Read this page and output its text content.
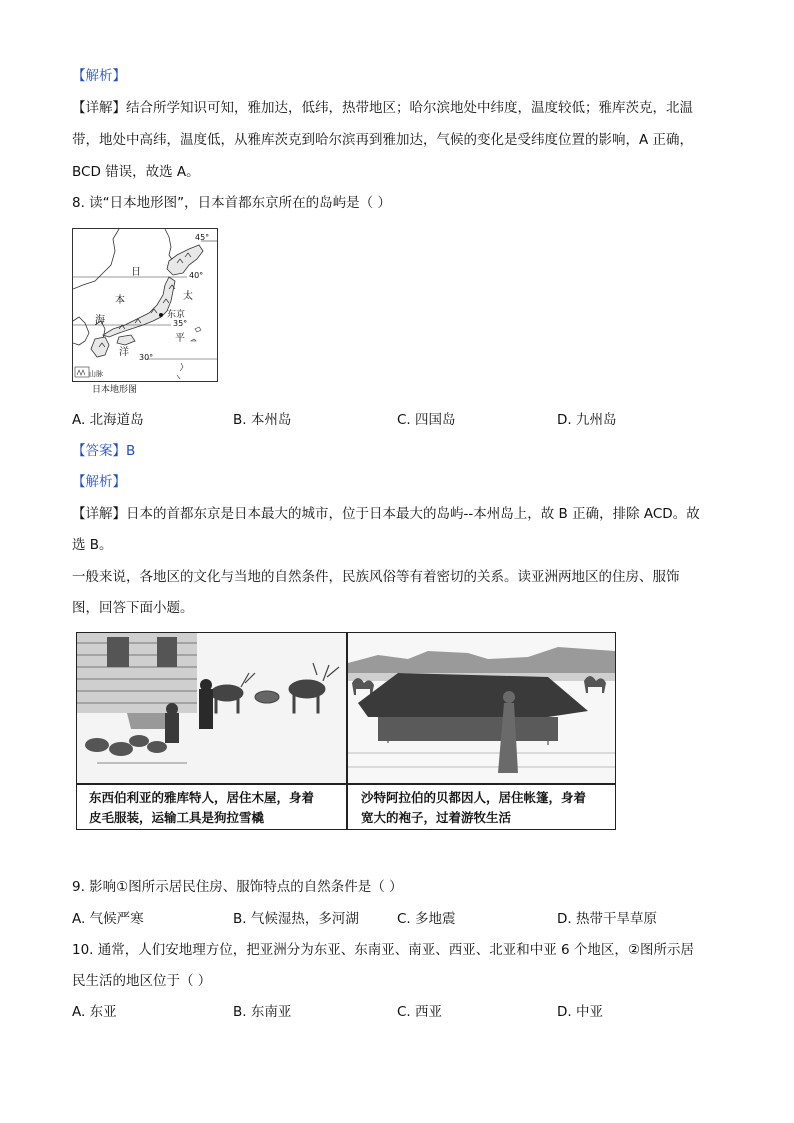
【解析】
【详解】结合所学知识可知，雅加达，低纬，热带地区；哈尔滨地处中纬度，温度较低；雅库茨克，北温
带，地处中高纬，温度低，从雅库茨克到哈尔滨再到雅加达，气候的变化是受纬度位置的影响，A 正确，
BCD 错误，故选 A。
8. 读“日本地形图”，日本首都东京所在的岛屿是（ ）
日
本
海
太
平
洋
东京
45°
40°
35°
30°
山脉
日本地形图
A. 北海道岛	B. 本州岛	C. 四国岛	D. 九州岛
【答案】B
【解析】
【详解】日本的首都东京是日本最大的城市，位于日本最大的岛屿--本州岛上，故 B 正确，排除 ACD。故
选 B。
一般来说，各地区的文化与当地的自然条件，民族风俗等有着密切的关系。读亚洲两地区的住房、服饰
图，回答下面小题。
东西伯利亚的雅库特人，居住木屋，身着
皮毛服装，运输工具是狗拉雪橇
沙特阿拉伯的贝都因人，居住帐篷，身着
宽大的袍子，过着游牧生活
9. 影响①图所示居民住房、服饰特点的自然条件是（ ）
A. 气候严寒	B. 气候湿热，多河湖	C. 多地震	D. 热带干旱草原
10. 通常，人们安地理方位，把亚洲分为东亚、东南亚、南亚、西亚、北亚和中亚 6 个地区，②图所示居
民生活的地区位于（ ）
A. 东亚	B. 东南亚	C. 西亚	D. 中亚
